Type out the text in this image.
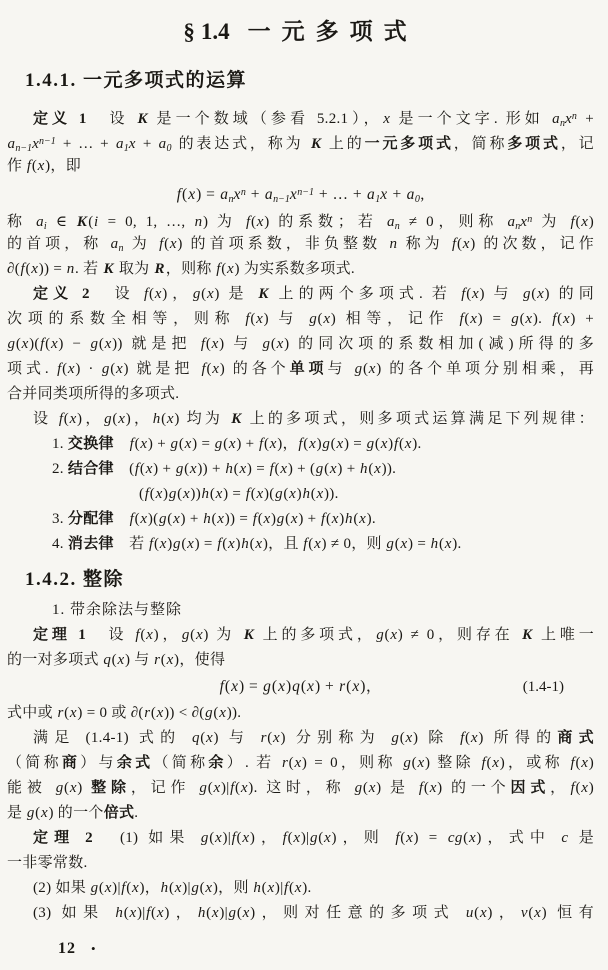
§ 1.4 一元多项式
1.4.1. 一元多项式的运算
定义 1　设 K 是一个数域（参看 5.2.1），x 是一个文字. 形如 $a_nx^n$ +
$a_{n-1}x^{n-1}$ + … + $a_1x + a_0$ 的表达式，称为 K 上的一元多项式，简称多项式，记
作 f(x)，即
$f(x) = a_nx^n + a_{n-1}x^{n-1}$ + … + $a_1x + a_0$,
称 $a_i$ ∈ K(i = 0, 1, …, n) 为 f(x) 的系数；若 $a_n \ne 0$，则称 $a_nx^n$ 为 f(x)
的首项，称 $a_n$ 为 f(x) 的首项系数，非负整数 n 称为 f(x) 的次数，记作
∂(f(x)) = n. 若 K 取为 R，则称 f(x) 为实系数多项式.
定义 2　设 f(x)，g(x) 是 K 上的两个多项式. 若 f(x) 与 g(x) 的同
次项的系数全相等，则称 f(x) 与 g(x) 相等，记作 f(x) = g(x). f(x) +
g(x)(f(x) − g(x)) 就是把 f(x) 与 g(x) 的同次项的系数相加(减)所得的多
项式. f(x) · g(x) 就是把 f(x) 的各个单项与 g(x) 的各个单项分别相乘，再
合并同类项所得的多项式.
设 f(x)，g(x)，h(x) 均为 K 上的多项式，则多项式运算满足下列规律：
1. 交换律　 f(x) + g(x) = g(x) + f(x)，f(x)g(x) = g(x)f(x).
2. 结合律　(f(x) + g(x)) + h(x) = f(x) + (g(x) + h(x)).
(f(x)g(x))h(x) = f(x)(g(x)h(x)).
3. 分配律　 f(x)(g(x) + h(x)) = f(x)g(x) + f(x)h(x).
4. 消去律　若 f(x)g(x) = f(x)h(x)，且 f(x) ≠ 0，则 g(x) = h(x).
1.4.2. 整除
1. 带余除法与整除
定理 1　设 f(x)，g(x) 为 K 上的多项式，g(x) ≠ 0，则存在 K 上唯一
的一对多项式 q(x) 与 r(x)，使得
f(x) = g(x)q(x) + r(x)，	(1.4-1)
式中或 r(x) = 0 或 ∂(r(x)) < ∂(g(x)).
满足 (1.4-1) 式的 q(x) 与 r(x) 分别称为 g(x) 除 f(x) 所得的商式
（简称商）与余式（简称余）. 若 r(x) = 0，则称 g(x) 整除 f(x)，或称 f(x)
能被 g(x) 整除，记作 g(x)|f(x). 这时，称 g(x) 是 f(x) 的一个因式，f(x)
是 g(x) 的一个倍式.
定理 2　(1) 如果 g(x)|f(x)，f(x)|g(x)，则 f(x) = cg(x)，式中 c 是
一非零常数.
(2) 如果 g(x)|f(x)，h(x)|g(x)，则 h(x)|f(x).
(3) 如果 h(x)|f(x)，h(x)|g(x)，则对任意的多项式 u(x)，v(x) 恒有
12 •
